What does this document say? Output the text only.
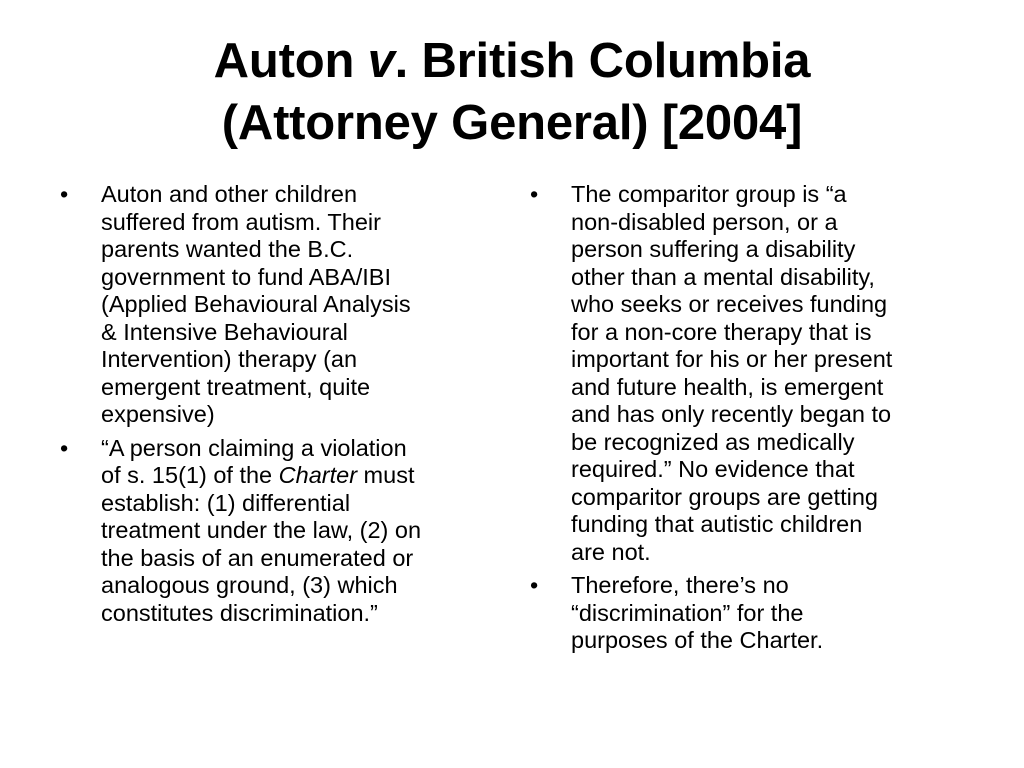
Auton v. British Columbia
(Attorney General) [2004]
• Auton and other children
suffered from autism. Their
parents wanted the B.C.
government to fund ABA/IBI
(Applied Behavioural Analysis
& Intensive Behavioural
Intervention) therapy (an
emergent treatment, quite
expensive)
• “A person claiming a violation
of s. 15(1) of the Charter must
establish: (1) differential
treatment under the law, (2) on
the basis of an enumerated or
analogous ground, (3) which
constitutes discrimination.”
• The comparitor group is “a
non-disabled person, or a
person suffering a disability
other than a mental disability,
who seeks or receives funding
for a non-core therapy that is
important for his or her present
and future health, is emergent
and has only recently began to
be recognized as medically
required.” No evidence that
comparitor groups are getting
funding that autistic children
are not.
• Therefore, there’s no
“discrimination” for the
purposes of the Charter.
